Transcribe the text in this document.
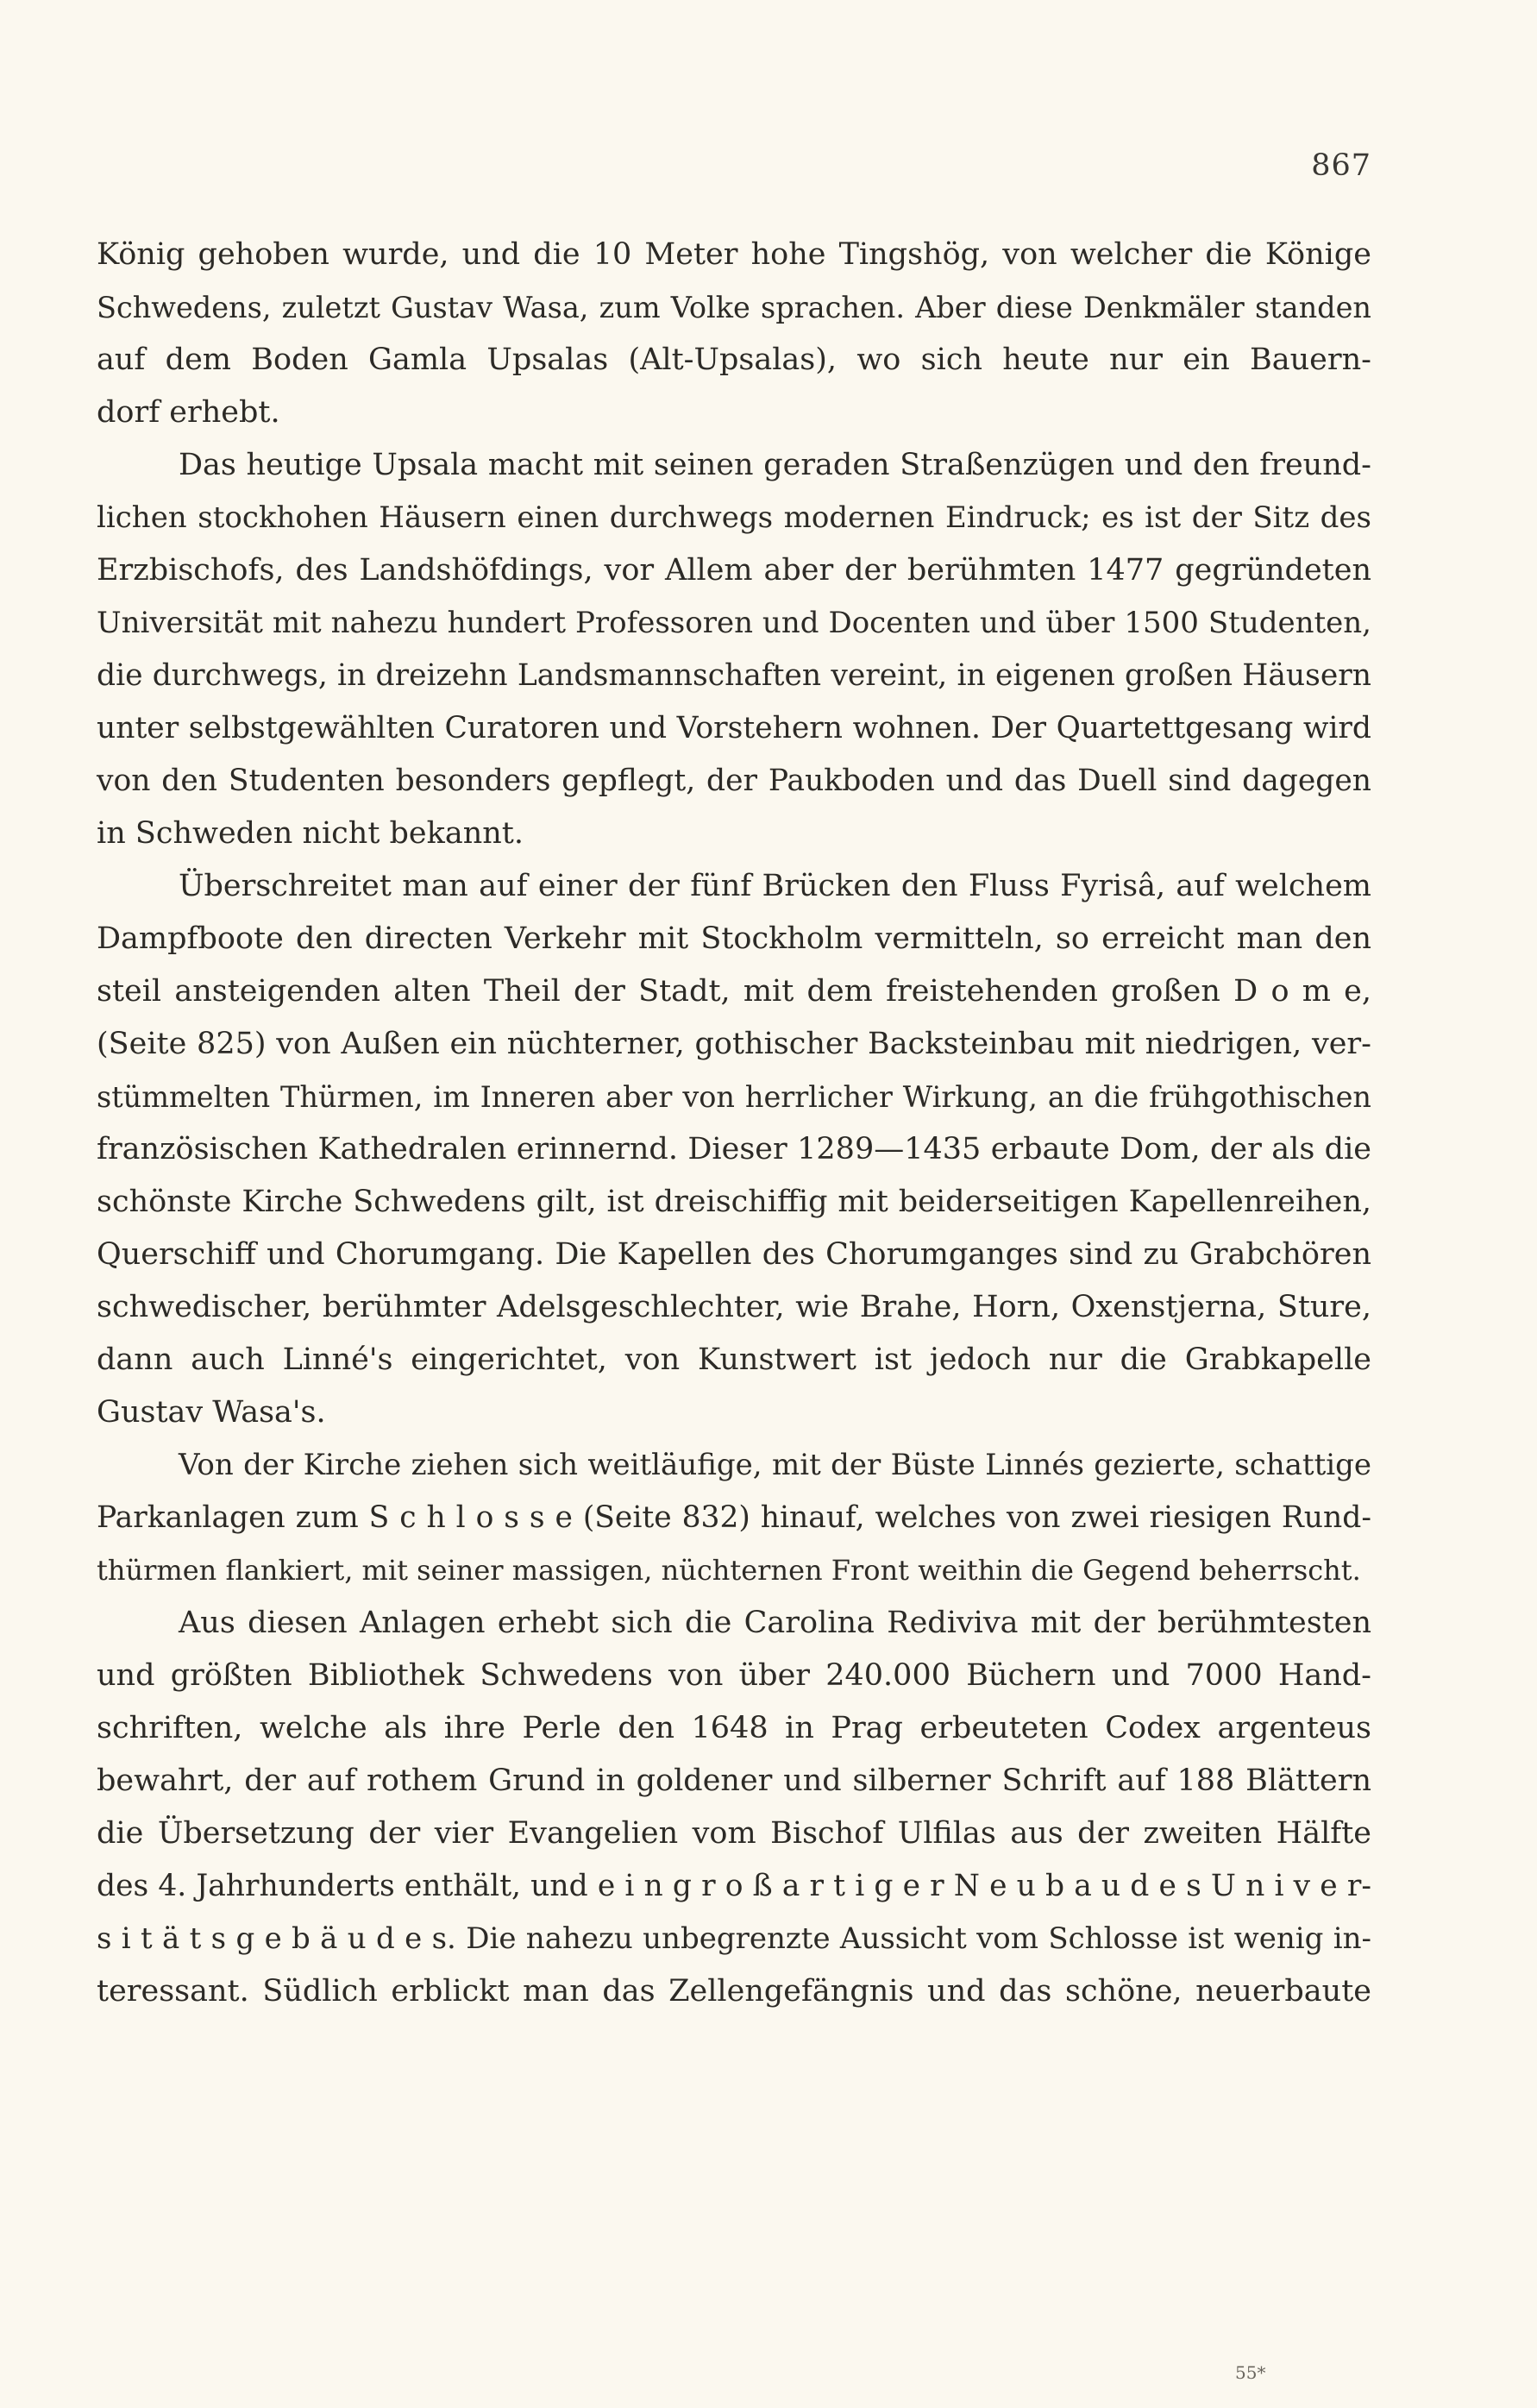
867
König gehoben wurde, und die 10 Meter hohe Tingshög, von welcher die Könige
Schwedens, zuletzt Gustav Wasa, zum Volke sprachen. Aber diese Denkmäler standen
auf dem Boden Gamla Upsalas (Alt-Upsalas), wo sich heute nur ein Bauern-
dorf erhebt.
Das heutige Upsala macht mit seinen geraden Straßenzügen und den freund-
lichen stockhohen Häusern einen durchwegs modernen Eindruck; es ist der Sitz des
Erzbischofs, des Landshöfdings, vor Allem aber der berühmten 1477 gegründeten
Universität mit nahezu hundert Professoren und Docenten und über 1500 Studenten,
die durchwegs, in dreizehn Landsmannschaften vereint, in eigenen großen Häusern
unter selbstgewählten Curatoren und Vorstehern wohnen. Der Quartettgesang wird
von den Studenten besonders gepflegt, der Paukboden und das Duell sind dagegen
in Schweden nicht bekannt.
Überschreitet man auf einer der fünf Brücken den Fluss Fyrisâ, auf welchem
Dampfboote den directen Verkehr mit Stockholm vermitteln, so erreicht man den
steil ansteigenden alten Theil der Stadt, mit dem freistehenden großen D o m e,
(Seite 825) von Außen ein nüchterner, gothischer Backsteinbau mit niedrigen, ver-
stümmelten Thürmen, im Inneren aber von herrlicher Wirkung, an die frühgothischen
französischen Kathedralen erinnernd. Dieser 1289—1435 erbaute Dom, der als die
schönste Kirche Schwedens gilt, ist dreischiffig mit beiderseitigen Kapellenreihen,
Querschiff und Chorumgang. Die Kapellen des Chorumganges sind zu Grabchören
schwedischer, berühmter Adelsgeschlechter, wie Brahe, Horn, Oxenstjerna, Sture,
dann auch Linné's eingerichtet, von Kunstwert ist jedoch nur die Grabkapelle
Gustav Wasa's.
Von der Kirche ziehen sich weitläufige, mit der Büste Linnés gezierte, schattige
Parkanlagen zum S c h l o s s e (Seite 832) hinauf, welches von zwei riesigen Rund-
thürmen flankiert, mit seiner massigen, nüchternen Front weithin die Gegend beherrscht.
Aus diesen Anlagen erhebt sich die Carolina Rediviva mit der berühmtesten
und größten Bibliothek Schwedens von über 240.000 Büchern und 7000 Hand-
schriften, welche als ihre Perle den 1648 in Prag erbeuteten Codex argenteus
bewahrt, der auf rothem Grund in goldener und silberner Schrift auf 188 Blättern
die Übersetzung der vier Evangelien vom Bischof Ulfilas aus der zweiten Hälfte
des 4. Jahrhunderts enthält, und e i n g r o ß a r t i g e r N e u b a u d e s U n i v e r-
s i t ä t s g e b ä u d e s. Die nahezu unbegrenzte Aussicht vom Schlosse ist wenig in-
teressant. Südlich erblickt man das Zellengefängnis und das schöne, neuerbaute
55*
